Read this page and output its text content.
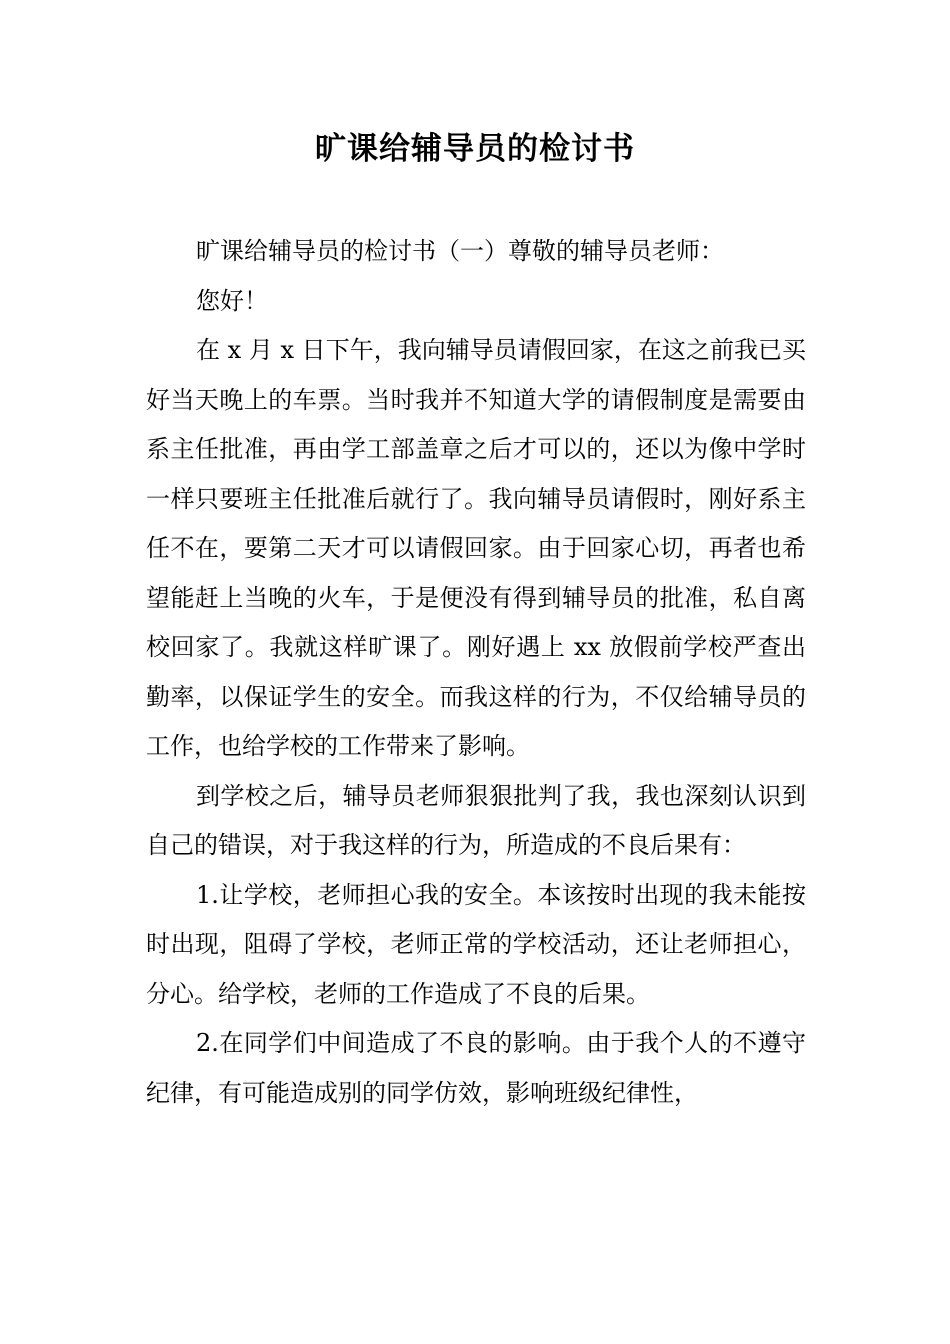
旷课给辅导员的检讨书

旷课给辅导员的检讨书（一）尊敬的辅导员老师：

您好！

在 x 月 x 日下午，我向辅导员请假回家，在这之前我已买好当天晚上的车票。当时我并不知道大学的请假制度是需要由系主任批准，再由学工部盖章之后才可以的，还以为像中学时一样只要班主任批准后就行了。我向辅导员请假时，刚好系主任不在，要第二天才可以请假回家。由于回家心切，再者也希望能赶上当晚的火车，于是便没有得到辅导员的批准，私自离校回家了。我就这样旷课了。刚好遇上 xx 放假前学校严查出勤率，以保证学生的安全。而我这样的行为，不仅给辅导员的工作，也给学校的工作带来了影响。

到学校之后，辅导员老师狠狠批判了我，我也深刻认识到自己的错误，对于我这样的行为，所造成的不良后果有：

1.让学校，老师担心我的安全。本该按时出现的我未能按时出现，阻碍了学校，老师正常的学校活动，还让老师担心，分心。给学校，老师的工作造成了不良的后果。

2.在同学们中间造成了不良的影响。由于我个人的不遵守纪律，有可能造成别的同学仿效，影响班级纪律性，
